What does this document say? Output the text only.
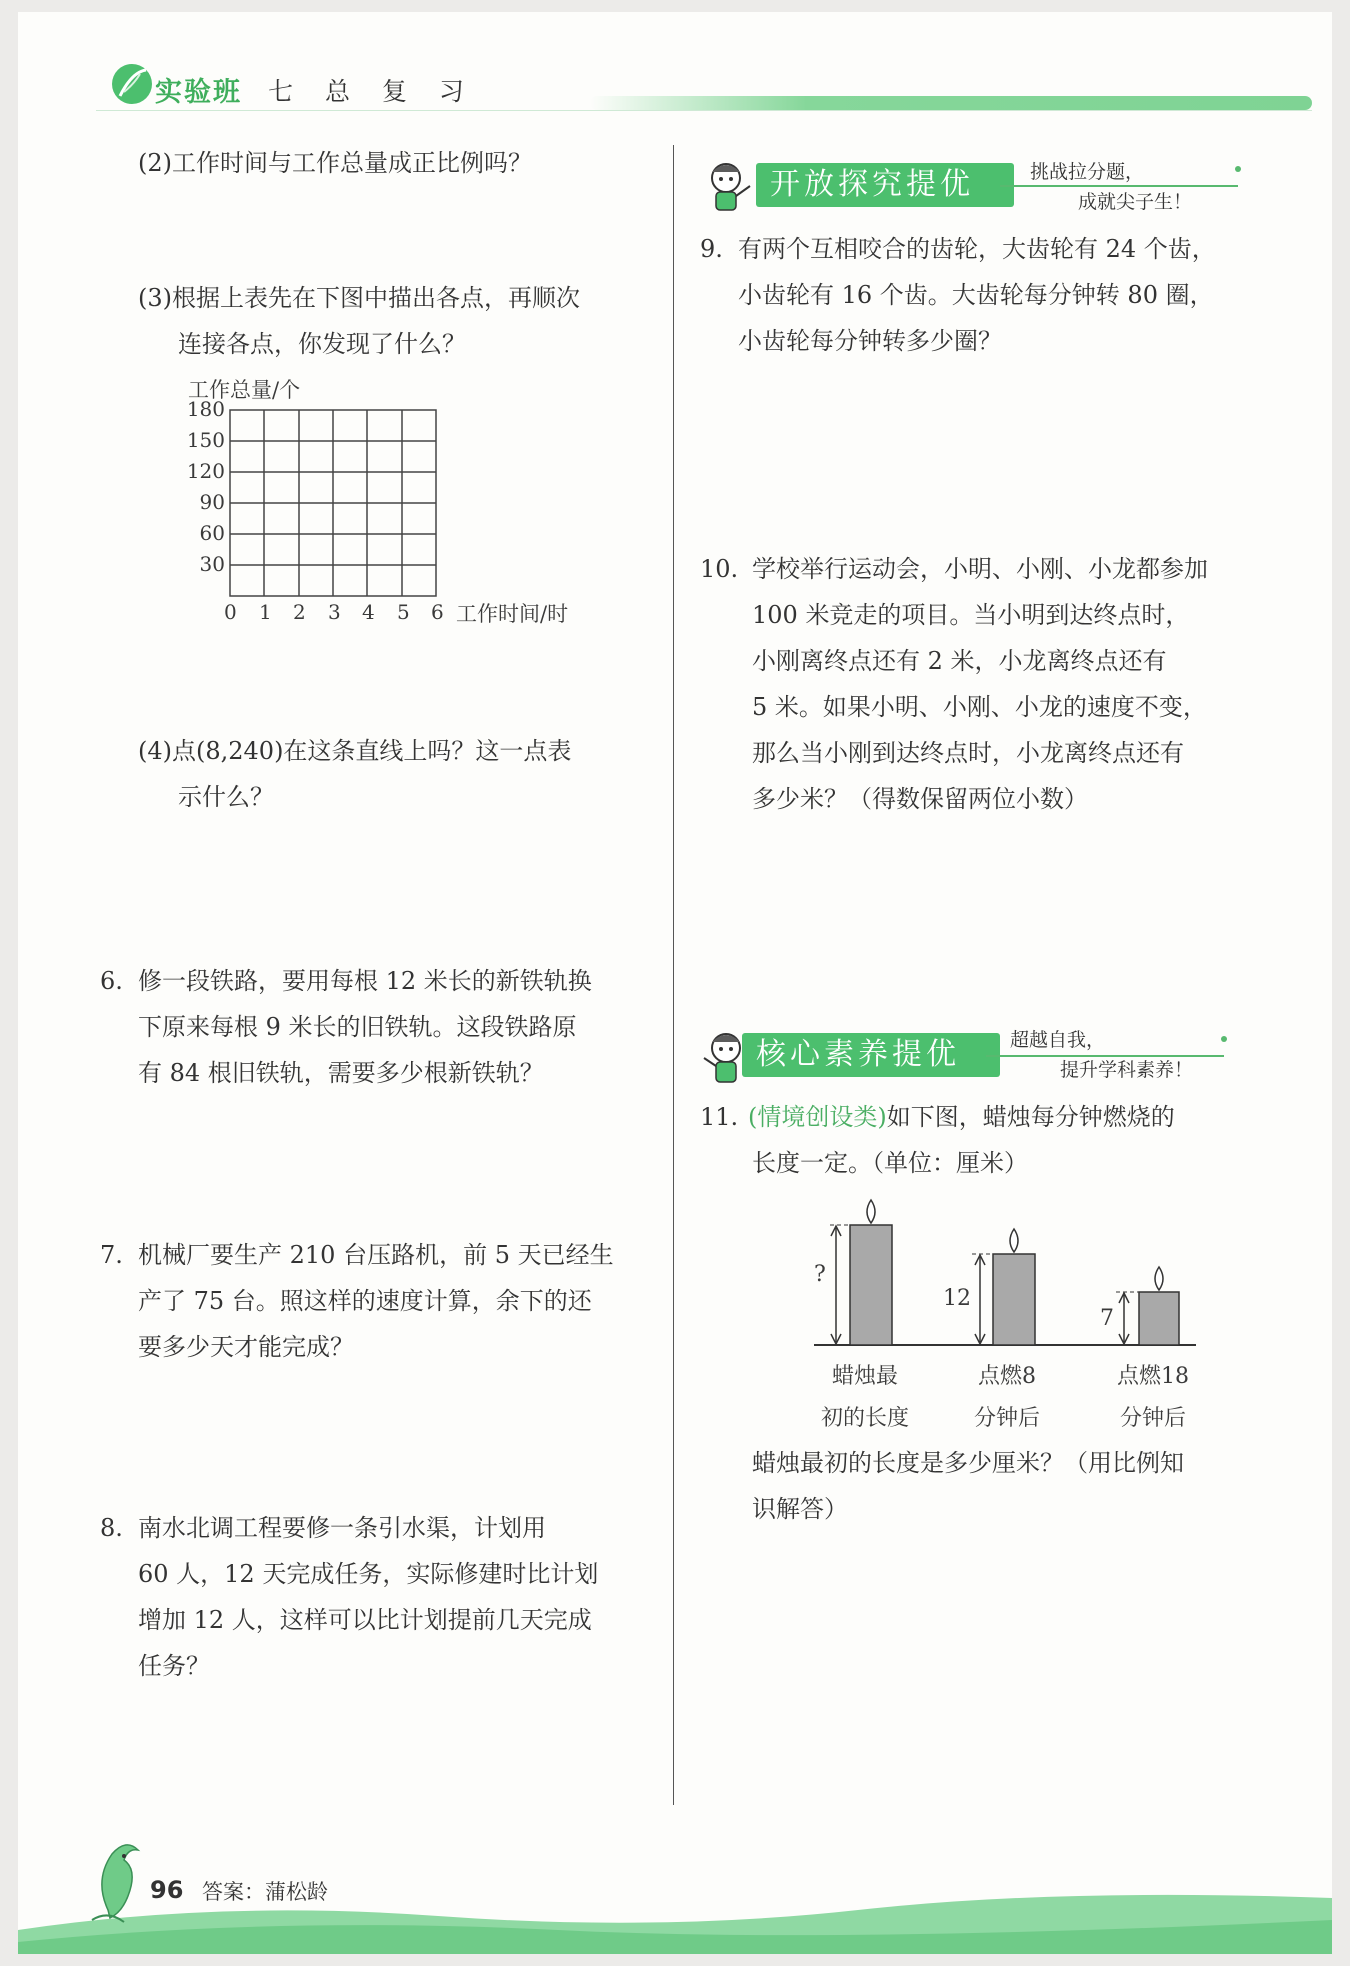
实验班 七 总 复 习
(2)工作时间与工作总量成正比例吗？
(3)根据上表先在下图中描出各点，再顺次
连接各点，你发现了什么？
工作总量/个
180
150
120
90
60
30
0 1 2 3 4 5 6 工作时间/时
(4)点(8,240)在这条直线上吗？这一点表
示什么？
6. 修一段铁路，要用每根 12 米长的新铁轨换
下原来每根 9 米长的旧铁轨。这段铁路原
有 84 根旧铁轨，需要多少根新铁轨？
7. 机械厂要生产 210 台压路机，前 5 天已经生
产了 75 台。照这样的速度计算，余下的还
要多少天才能完成？
8. 南水北调工程要修一条引水渠，计划用
60 人，12 天完成任务，实际修建时比计划
增加 12 人，这样可以比计划提前几天完成
任务？
开放探究提优	挑战拉分题，
成就尖子生！
9. 有两个互相咬合的齿轮，大齿轮有 24 个齿，
小齿轮有 16 个齿。大齿轮每分钟转 80 圈，
小齿轮每分钟转多少圈？
10. 学校举行运动会，小明、小刚、小龙都参加
100 米竞走的项目。当小明到达终点时，
小刚离终点还有 2 米，小龙离终点还有
5 米。如果小明、小刚、小龙的速度不变，
那么当小刚到达终点时，小龙离终点还有
多少米？（得数保留两位小数）
核心素养提优	超越自我，
提升学科素养！
11. (情境创设类)如下图，蜡烛每分钟燃烧的
长度一定。（单位：厘米）
?
12
7
蜡烛最
初的长度
点燃8
分钟后
点燃18
分钟后
蜡烛最初的长度是多少厘米？（用比例知
识解答）
96 答案：蒲松龄
